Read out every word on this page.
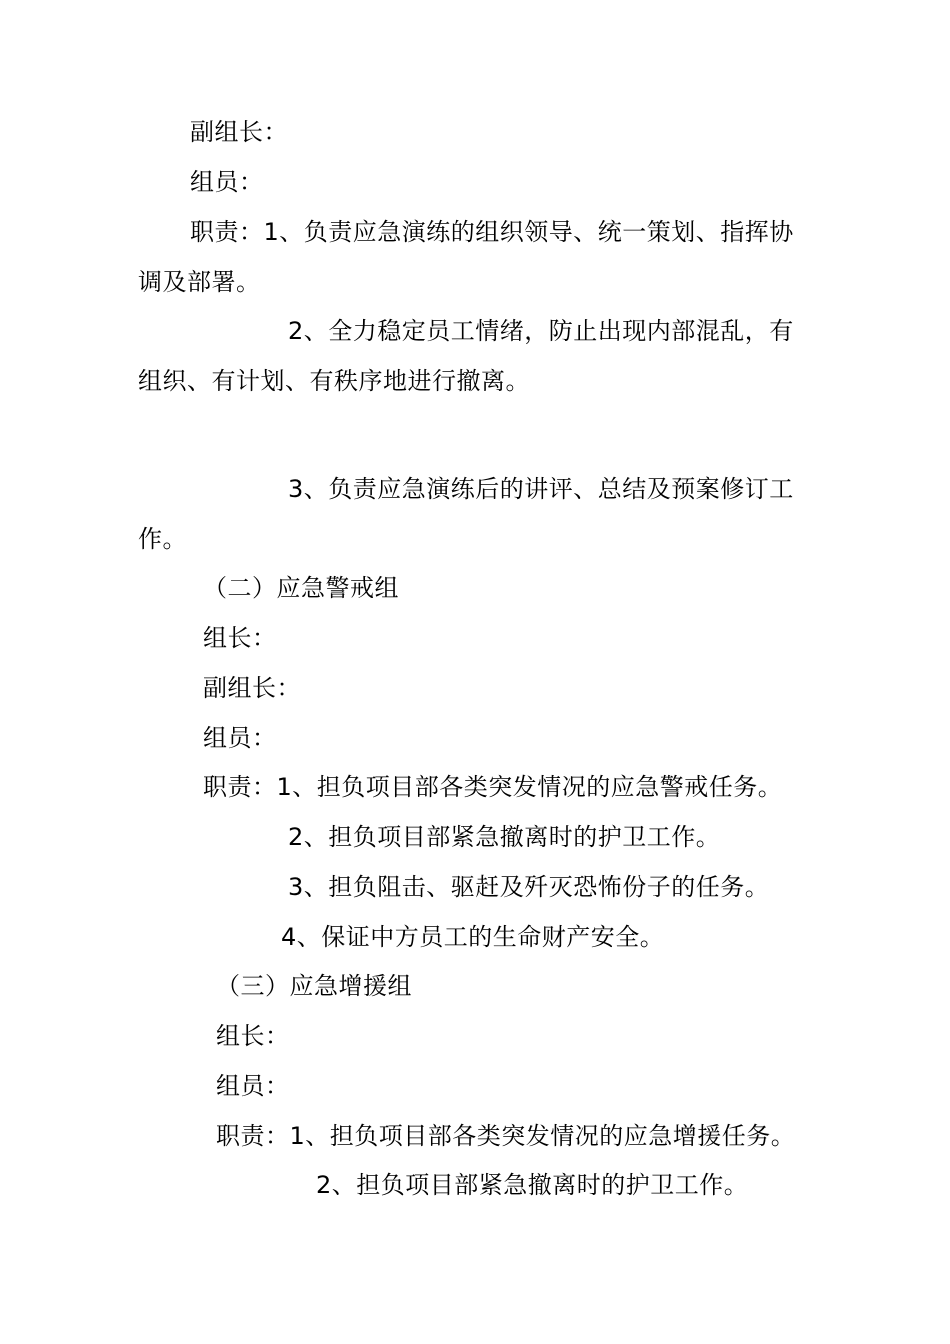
副组长：
组员：
职责：1、负责应急演练的组织领导、统一策划、指挥协
调及部署。
2、全力稳定员工情绪，防止出现内部混乱，有
组织、有计划、有秩序地进行撤离。
3、负责应急演练后的讲评、总结及预案修订工
作。
（二）应急警戒组
组长：
副组长：
组员：
职责：1、担负项目部各类突发情况的应急警戒任务。
2、担负项目部紧急撤离时的护卫工作。
3、担负阻击、驱赶及歼灭恐怖份子的任务。
4、保证中方员工的生命财产安全。
（三）应急增援组
组长：
组员：
职责：1、担负项目部各类突发情况的应急增援任务。
2、担负项目部紧急撤离时的护卫工作。
